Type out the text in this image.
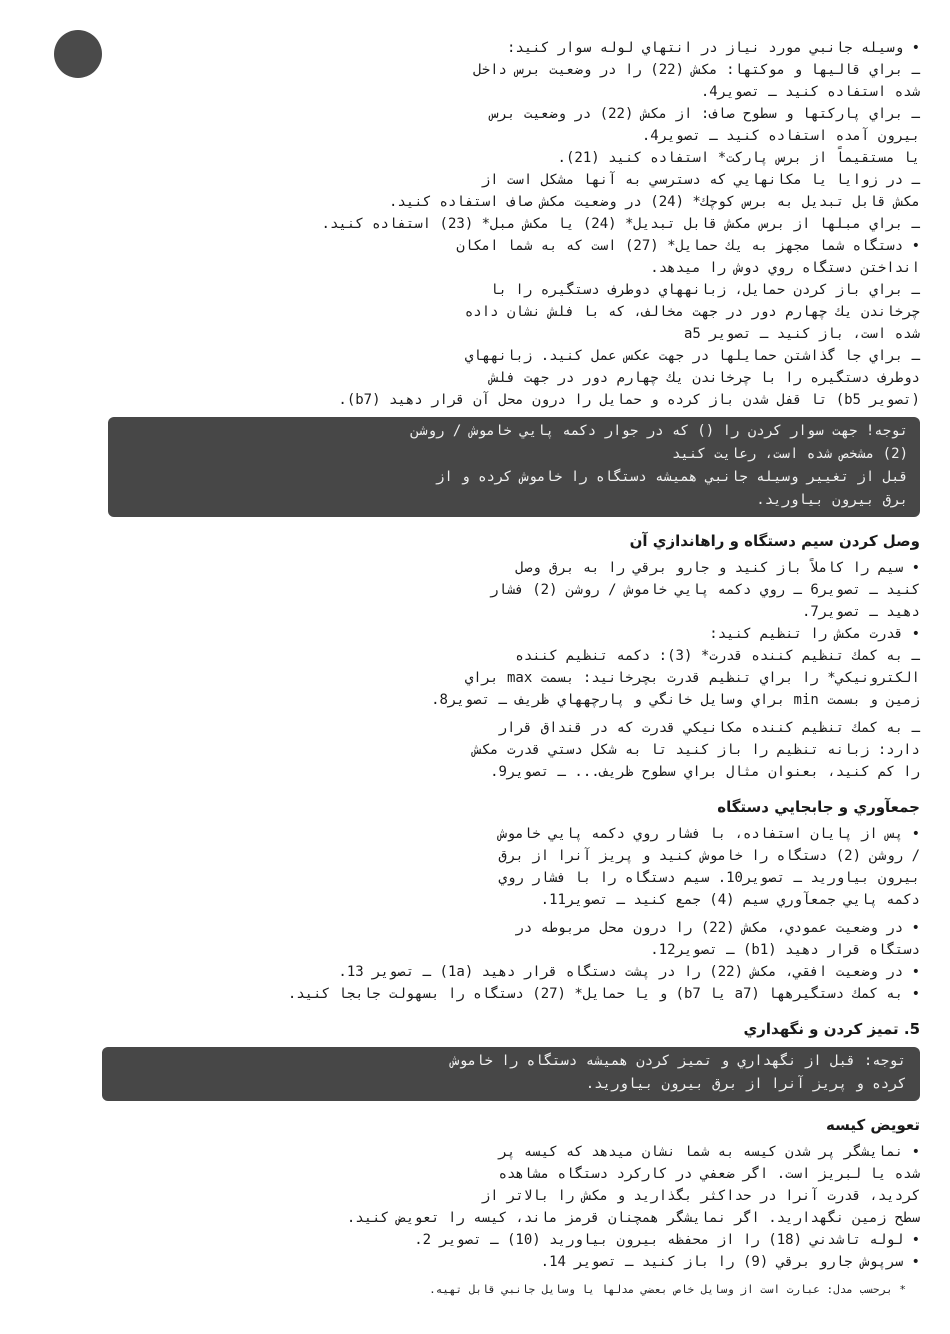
• وسيله جانبي مورد نياز در انتهاي لوله سوار كنيد:

ـ براي قاليها و موكتها: مكش (22) را در وضعيت برس داخل

شده استفاده كنيد ـ تصوير4.

ـ براي پاركتها و سطوح صاف: از مكش (22) در وضعيت برس

بيرون آمده استفاده كنيد ـ تصوير4.

يا مستقيماً از برس پاركت* استفاده كنيد (21).

ـ در زوايا يا مكانهايي كه دسترسي به آنها مشكل است از

مكش قابل تبديل به برس كوچك* (24) در وضعيت مكش صاف استفاده كنيد.

ـ براي مبلها از برس مكش قابل تبديل* (24) يا مكش مبل* (23) استفاده كنيد.

• دستگاه شما مجهز به يك حمايل* (27) است كه به شما امكان

انداختن دستگاه روي دوش را ميدهد.

ـ براي باز كردن حمايل، زبانههاي دوطرف دستگيره را با

چرخاندن يك چهارم دور در جهت مخالف، كه با فلش نشان داده

شده است، باز كنيد ـ تصوير a5

ـ براي جا گذاشتن حمايلها در جهت عكس عمل كنيد. زبانههاي

دوطرف دستگيره را با چرخاندن يك چهارم دور در جهت فلش

(تصوير b5) تا قفل شدن باز كرده و حمايل را درون محل آن قرار دهيد (b7).

توجه! جهت سوار كردن را () كه در جوار دكمه پايي خاموش / روشن

(2) مشخص شده است، رعايت كنيد

قبل از تغيير وسيله جانبي هميشه دستگاه را خاموش كرده و از

برق بيرون بياوريد.

وصل كردن سيم دستگاه و راهاندازي آن

• سيم را كاملاً باز كنيد و جارو برقي را به برق وصل

كنيد ـ تصوير6 ـ روي دكمه پايي خاموش / روشن (2) فشار

دهيد ـ تصوير7.

• قدرت مكش را تنظيم كنيد:

ـ به كمك تنظيم كننده قدرت* (3): دكمه تنظيم كننده

الكترونيكي* را براي تنظيم قدرت بچرخانيد: بسمت max براي

زمين و بسمت min براي وسايل خانگي و پارچههاي ظريف ـ تصوير8.

ـ به كمك تنظيم كننده مكانيكي قدرت كه در قنداق قرار

دارد: زبانه تنظيم را باز كنيد تا به شكل دستي قدرت مكش

را كم كنيد، بعنوان مثال براي سطوح ظريف... ـ تصوير9.

جمعآوري و جابجايي دستگاه

• پس از پايان استفاده، با فشار روي دكمه پايي خاموش

/ روشن (2) دستگاه را خاموش كنيد و پريز آنرا از برق

بيرون بياوريد ـ تصوير10. سيم دستگاه را با فشار روي

دكمه پايي جمعآوري سيم (4) جمع كنيد ـ تصوير11.

• در وضعيت عمودي، مكش (22) را درون محل مربوطه در

دستگاه قرار دهيد (b1) ـ تصوير12.

• در وضعيت افقي، مكش (22) را در پشت دستگاه قرار دهيد (1a) ـ تصوير 13.

• به كمك دستگيرهها (a7 يا b7) و يا حمايل* (27) دستگاه را بسهولت جابجا كنيد.

5. تميز كردن و نگهداري

توجه: قبل از نگهداري و تميز كردن هميشه دستگاه را خاموش

كرده و پريز آنرا از برق بيرون بياوريد.

تعويض كيسه

• نمايشگر پر شدن كيسه به شما نشان ميدهد كه كيسه پر

شده يا لبريز است. اگر ضعفي در كاركرد دستگاه مشاهده

كرديد، قدرت آنرا در حداكثر بگذاريد و مكش را بالاتر از

سطح زمين نگهداريد. اگر نمايشگر همچنان قرمز ماند، كيسه را تعويض كنيد.

• لوله تاشدني (18) را از محفظه بيرون بياوريد (10) ـ تصوير 2.

• سرپوش جارو برقي (9) را باز كنيد ـ تصوير 14.

* برحسب مدل: عبارت است از وسايل خاص بعضي مدلها يا وسايل جانبي قابل تهيه.
